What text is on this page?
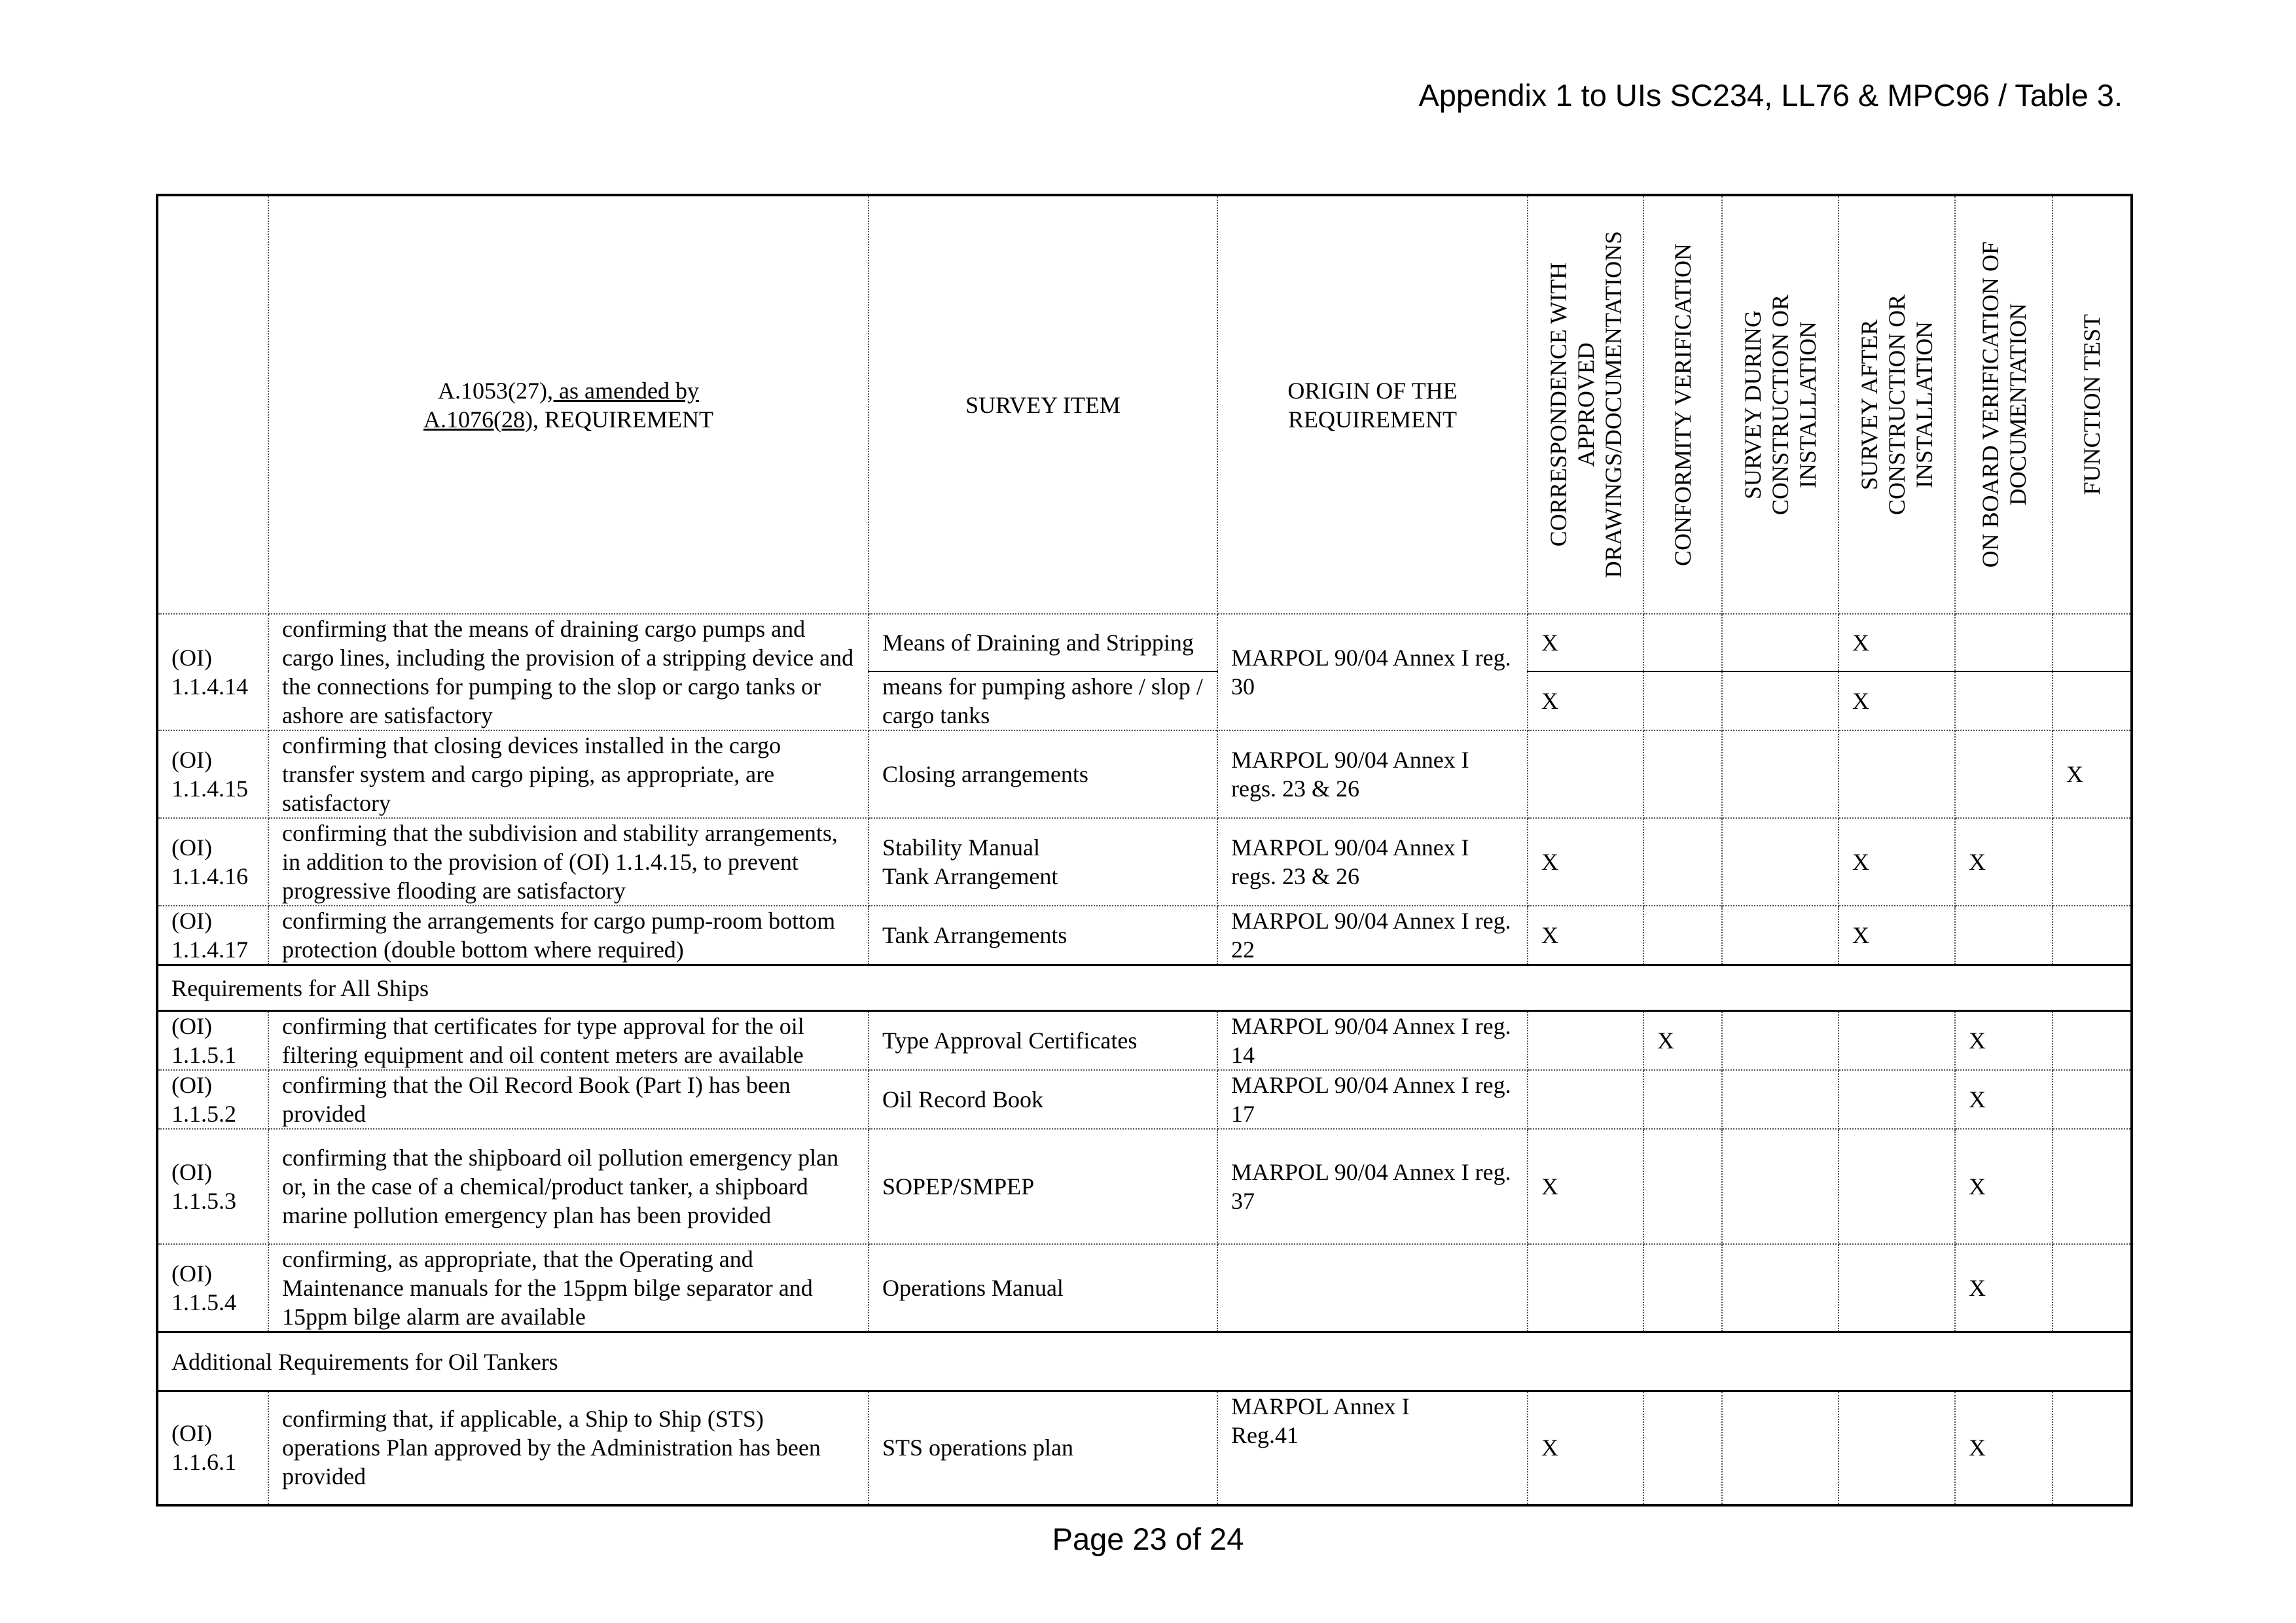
Appendix 1 to UIs SC234, LL76 & MPC96 / Table 3.
	A.1053(27), as amended by
A.1076(28), REQUIREMENT	SURVEY ITEM	ORIGIN OF THE
REQUIREMENT	CORRESPONDENCE WITH
APPROVED
DRAWINGS/DOCUMENTATIONS	CONFORMITY VERIFICATION	SURVEY DURING
CONSTRUCTION OR
INSTALLATION	SURVEY AFTER
CONSTRUCTION OR
INSTALLATION	ON BOARD VERIFICATION OF
DOCUMENTATION	FUNCTION TEST

(OI)
1.1.4.14	confirming that the means of draining cargo pumps and cargo lines, including the provision of a stripping device and the connections for pumping to the slop or cargo tanks or ashore are satisfactory	Means of Draining and Stripping	MARPOL 90/04 Annex I reg. 30	X			X		
		means for pumping ashore / slop / cargo tanks		X			X		
(OI)
1.1.4.15	confirming that closing devices installed in the cargo transfer system and cargo piping, as appropriate, are satisfactory	Closing arrangements	MARPOL 90/04 Annex I regs. 23 & 26						X
(OI)
1.1.4.16	confirming that the subdivision and stability arrangements, in addition to the provision of (OI) 1.1.4.15, to prevent progressive flooding are satisfactory	Stability Manual
Tank Arrangement	MARPOL 90/04 Annex I regs. 23 & 26	X			X	X	
(OI)
1.1.4.17	confirming the arrangements for cargo pump-room bottom protection (double bottom where required)	Tank Arrangements	MARPOL 90/04 Annex I reg. 22	X			X		
Requirements for All Ships									
(OI)
1.1.5.1	confirming that certificates for type approval for the oil filtering equipment and oil content meters are available	Type Approval Certificates	MARPOL 90/04 Annex I reg. 14		X			X	
(OI)
1.1.5.2	confirming that the Oil Record Book (Part I) has been provided	Oil Record Book	MARPOL 90/04 Annex I reg. 17					X	
(OI)
1.1.5.3	confirming that the shipboard oil pollution emergency plan or, in the case of a chemical/product tanker, a shipboard marine pollution emergency plan has been provided	SOPEP/SMPEP	MARPOL 90/04 Annex I reg. 37	X				X	
(OI)
1.1.5.4	confirming, as appropriate, that the Operating and Maintenance manuals for the 15ppm bilge separator and 15ppm bilge alarm are available	Operations Manual						X	
Additional Requirements for Oil Tankers									
(OI)
1.1.6.1	confirming that, if applicable, a Ship to Ship (STS) operations Plan approved by the Administration has been provided	STS operations plan	MARPOL Annex I
Reg.41	X				X	
Page 23 of 24
